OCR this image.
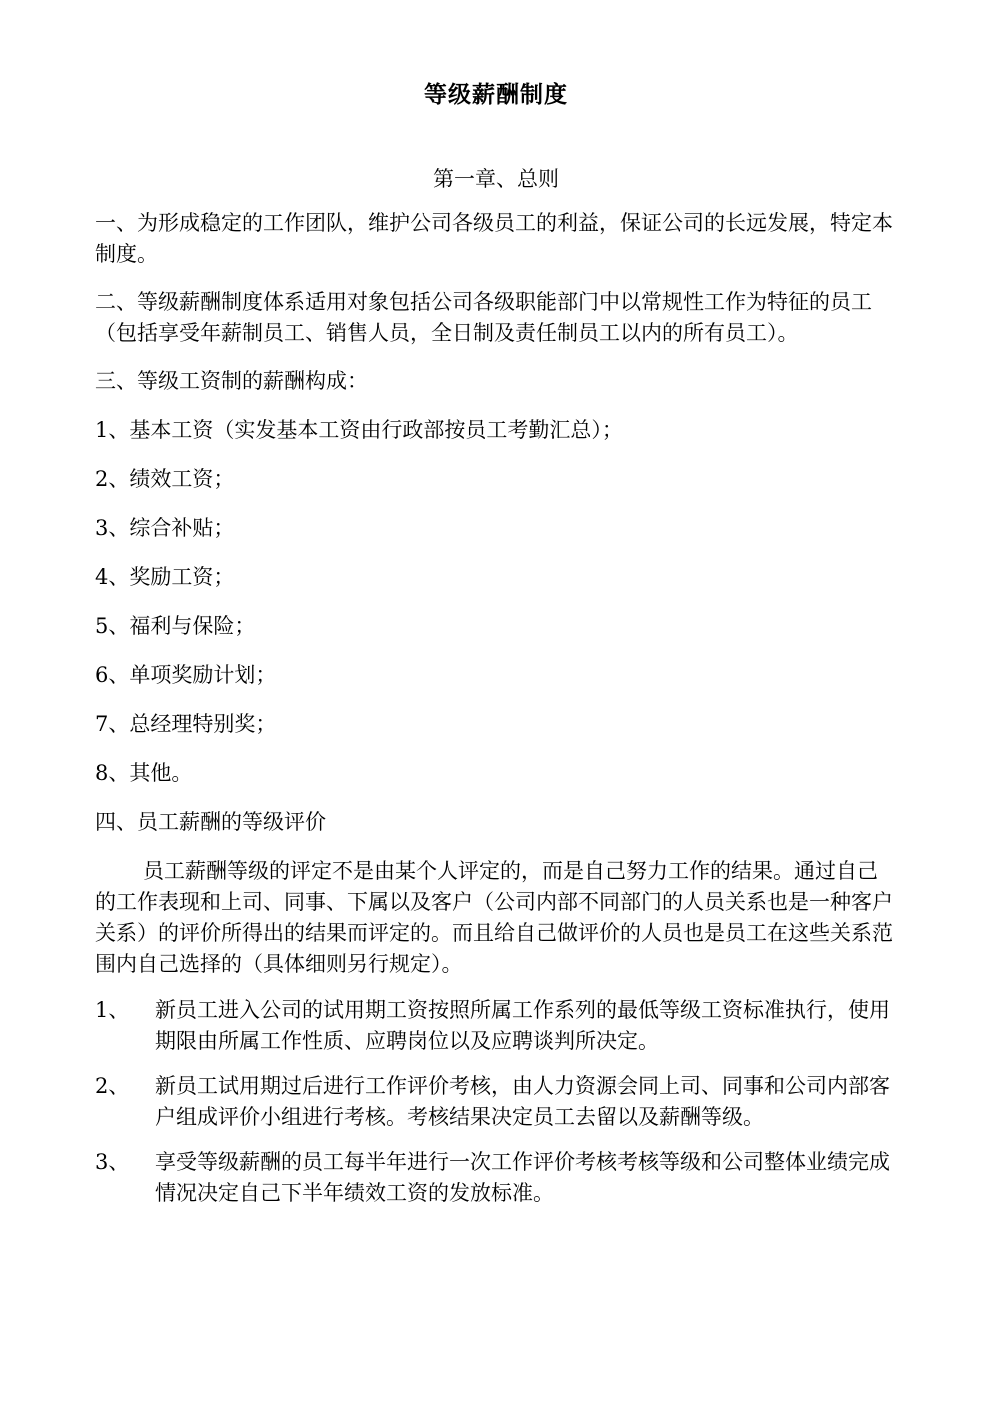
等级薪酬制度
第一章、总则

一、为形成稳定的工作团队，维护公司各级员工的利益，保证公司的长远发展，特定本制度。

二、等级薪酬制度体系适用对象包括公司各级职能部门中以常规性工作为特征的员工（包括享受年薪制员工、销售人员，全日制及责任制员工以内的所有员工）。

三、等级工资制的薪酬构成：

1、基本工资（实发基本工资由行政部按员工考勤汇总）；

2、绩效工资；

3、综合补贴；

4、奖励工资；

5、福利与保险；

6、单项奖励计划；

7、总经理特别奖；

8、其他。

四、员工薪酬的等级评价

员工薪酬等级的评定不是由某个人评定的，而是自己努力工作的结果。通过自己的工作表现和上司、同事、下属以及客户（公司内部不同部门的人员关系也是一种客户关系）的评价所得出的结果而评定的。而且给自己做评价的人员也是员工在这些关系范围内自己选择的（具体细则另行规定）。

1、	新员工进入公司的试用期工资按照所属工作系列的最低等级工资标准执行，使用期限由所属工作性质、应聘岗位以及应聘谈判所决定。
2、	新员工试用期过后进行工作评价考核，由人力资源会同上司、同事和公司内部客户组成评价小组进行考核。考核结果决定员工去留以及薪酬等级。
3、	享受等级薪酬的员工每半年进行一次工作评价考核考核等级和公司整体业绩完成情况决定自己下半年绩效工资的发放标准。
